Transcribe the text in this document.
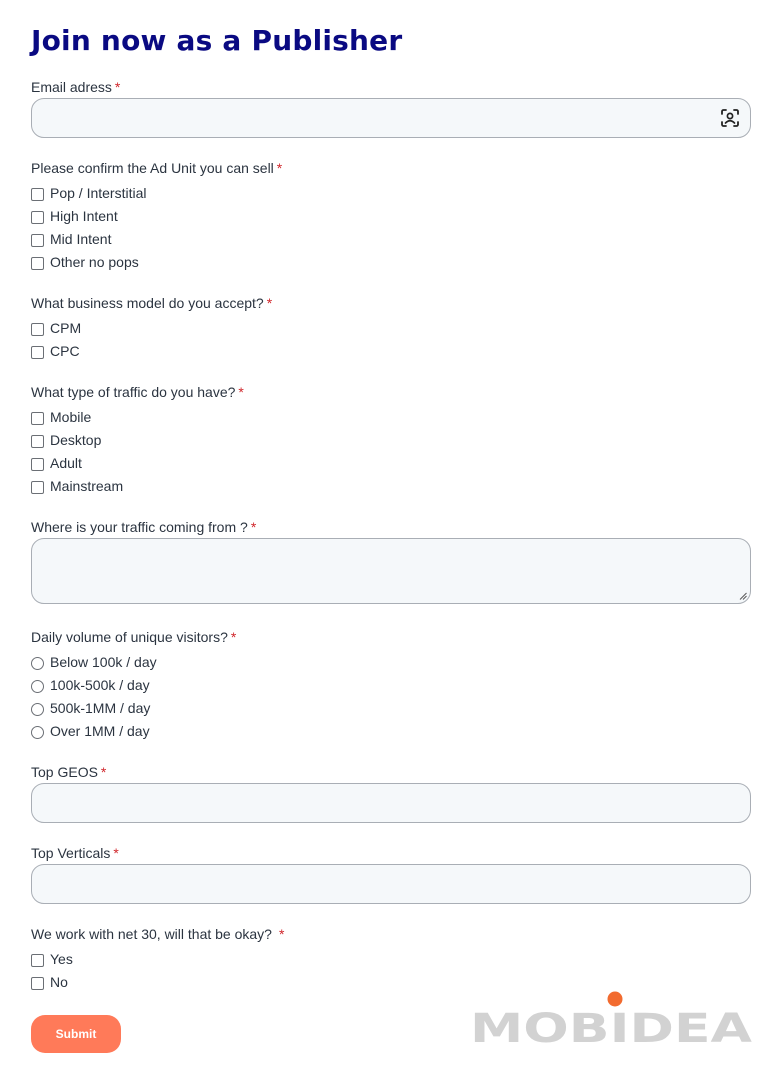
Join now as a Publisher
Email adress *
Please confirm the Ad Unit you can sell *
Pop / Interstitial
High Intent
Mid Intent
Other no pops
What business model do you accept? *
CPM
CPC
What type of traffic do you have? *
Mobile
Desktop
Adult
Mainstream
Where is your traffic coming from ? *
Daily volume of unique visitors? *
Below 100k / day
100k-500k / day
500k-1MM / day
Over 1MM / day
Top GEOS *
Top Verticals *
We work with net 30, will that be okay? *
Yes
No
Submit	MOBIDEA
